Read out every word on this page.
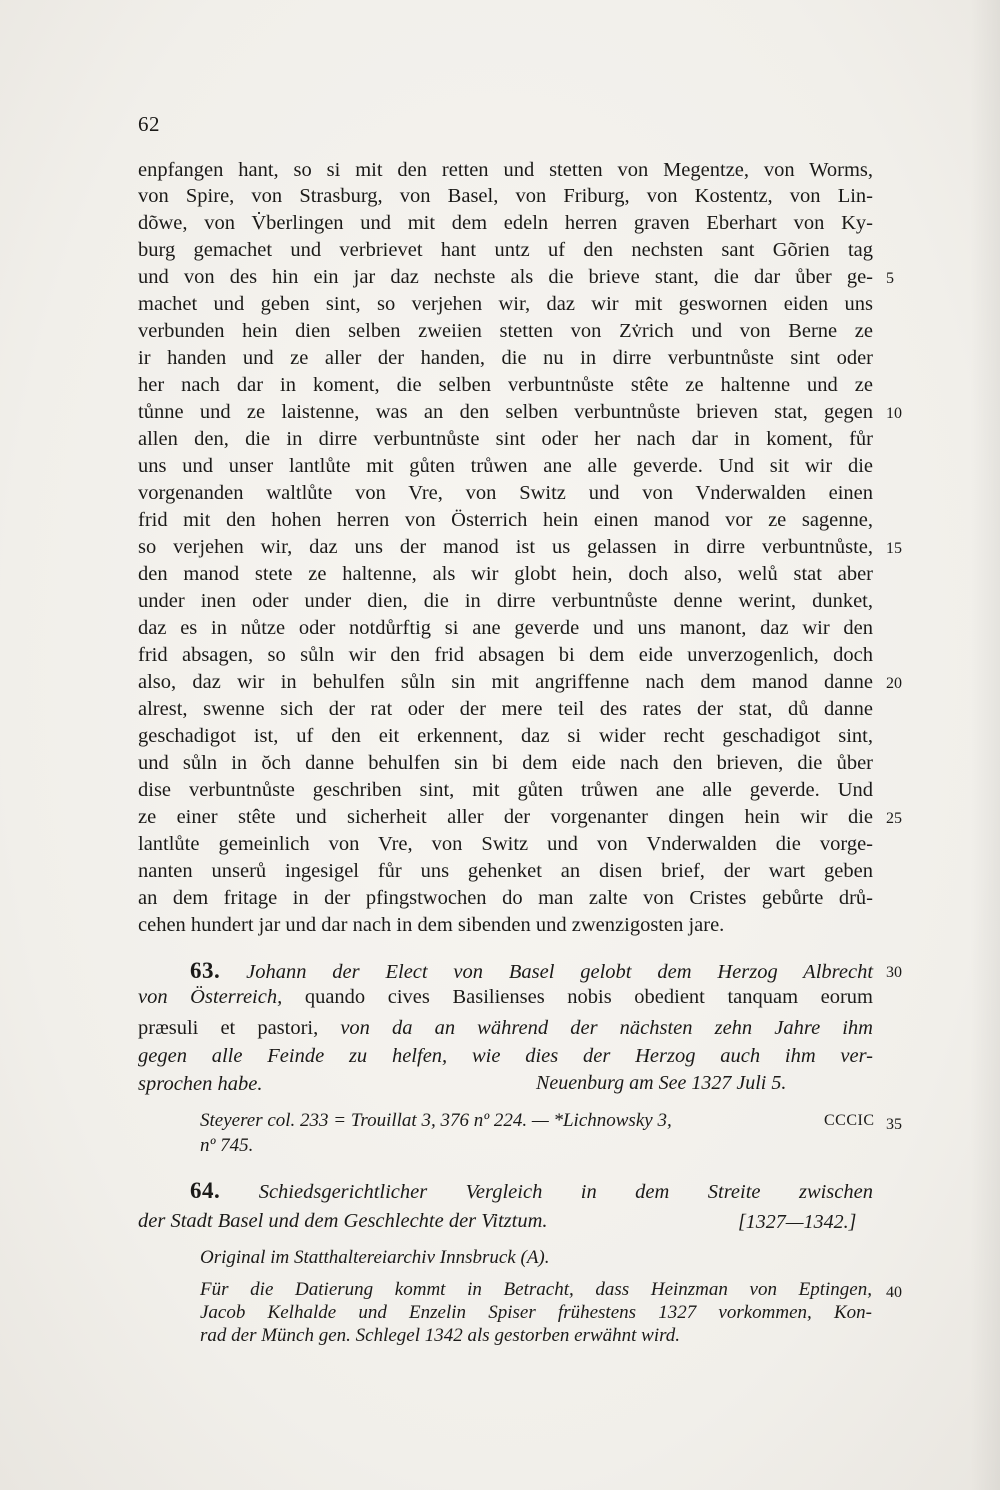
62
enpfangen hant, so si mit den retten und stetten von Megentze, von Worms,
von Spire, von Strasburg, von Basel, von Friburg, von Kostentz, von Lin-
dõwe, von V̇berlingen und mit dem edeln herren graven Eberhart von Ky-
burg gemachet und verbrievet hant untz uf den nechsten sant Gõrien tag
und von des hin ein jar daz nechste als die brieve stant, die dar ůber ge-
machet und geben sint, so verjehen wir, daz wir mit geswornen eiden uns
verbunden hein dien selben zweiien stetten von Zv̇rich und von Berne ze
ir handen und ze aller der handen, die nu in dirre verbuntnůste sint oder
her nach dar in koment, die selben verbuntnůste stête ze haltenne und ze
tůnne und ze laistenne, was an den selben verbuntnůste brieven stat, gegen
allen den, die in dirre verbuntnůste sint oder her nach dar in koment, fůr
uns und unser lantlůte mit gůten trůwen ane alle geverde. Und sit wir die
vorgenanden waltlůte von Vre, von Switz und von Vnderwalden einen
frid mit den hohen herren von Österrich hein einen manod vor ze sagenne,
so verjehen wir, daz uns der manod ist us gelassen in dirre verbuntnůste,
den manod stete ze haltenne, als wir globt hein, doch also, welů stat aber
under inen oder under dien, die in dirre verbuntnůste denne werint, dunket,
daz es in nůtze oder notdůrftig si ane geverde und uns manont, daz wir den
frid absagen, so sůln wir den frid absagen bi dem eide unverzogenlich, doch
also, daz wir in behulfen sůln sin mit angriffenne nach dem manod danne
alrest, swenne sich der rat oder der mere teil des rates der stat, dů danne
geschadigot ist, uf den eit erkennent, daz si wider recht geschadigot sint,
und sůln in ŏch danne behulfen sin bi dem eide nach den brieven, die ůber
dise verbuntnůste geschriben sint, mit gůten trůwen ane alle geverde. Und
ze einer stête und sicherheit aller der vorgenanter dingen hein wir die
lantlůte gemeinlich von Vre, von Switz und von Vnderwalden die vorge-
nanten unserů ingesigel fůr uns gehenket an disen brief, der wart geben
an dem fritage in der pfingstwochen do man zalte von Cristes gebůrte drů-
cehen hundert jar und dar nach in dem sibenden und zwenzigosten jare.
5
10
15
20
25
30
35
40
63. Johann der Elect von Basel gelobt dem Herzog Albrecht
von Österreich, quando cives Basilienses nobis obedient tanquam eorum
præsuli et pastori, von da an während der nächsten zehn Jahre ihm
gegen alle Feinde zu helfen, wie dies der Herzog auch ihm ver-
sprochen habe.	Neuenburg am See 1327 Juli 5.
Steyerer col. 233 = Trouillat 3, 376 nº 224. — *Lichnowsky 3,	CCCIC
nº 745.
64. Schiedsgerichtlicher Vergleich in dem Streite zwischen
der Stadt Basel und dem Geschlechte der Vitztum.	[1327—1342.]
Original im Statthaltereiarchiv Innsbruck (A).
Für die Datierung kommt in Betracht, dass Heinzman von Eptingen,
Jacob Kelhalde und Enzelin Spiser frühestens 1327 vorkommen, Kon-
rad der Münch gen. Schlegel 1342 als gestorben erwähnt wird.
